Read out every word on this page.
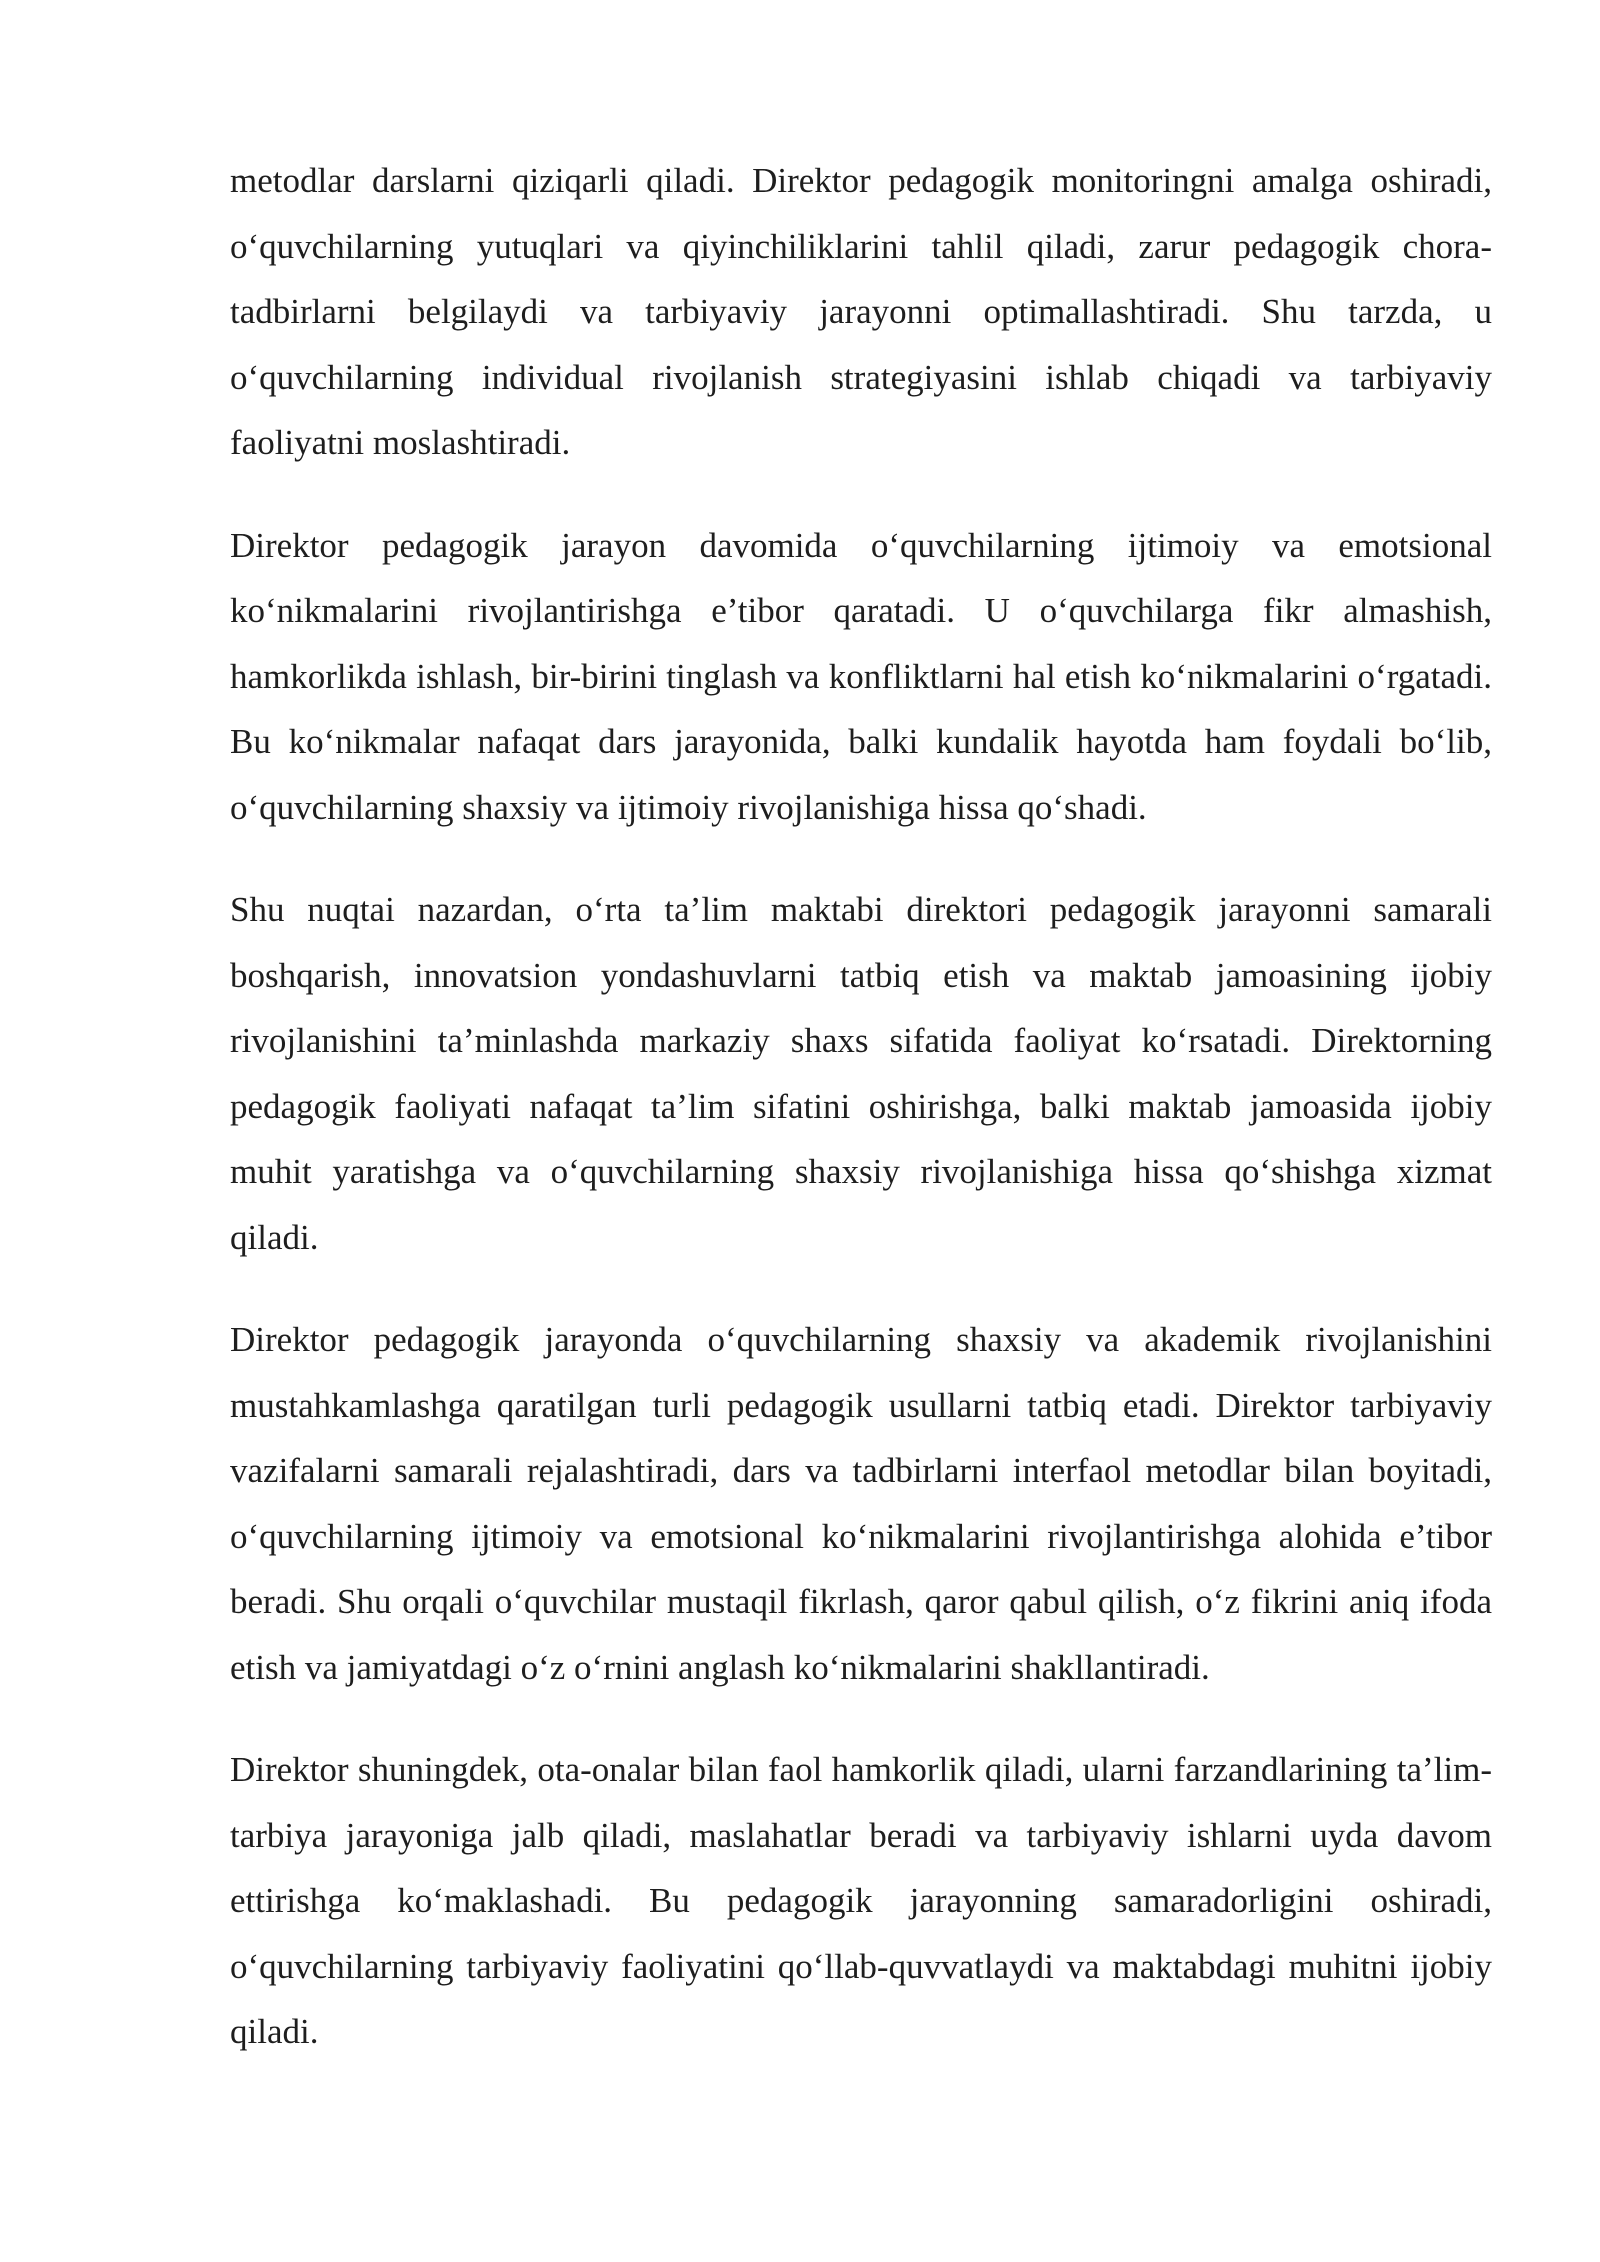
metodlar darslarni qiziqarli qiladi. Direktor pedagogik monitoringni amalga oshiradi, o‘quvchilarning yutuqlari va qiyinchiliklarini tahlil qiladi, zarur pedagogik chora-tadbirlarni belgilaydi va tarbiyaviy jarayonni optimallashtiradi. Shu tarzda, u o‘quvchilarning individual rivojlanish strategiyasini ishlab chiqadi va tarbiyaviy faoliyatni moslashtiradi.

Direktor pedagogik jarayon davomida o‘quvchilarning ijtimoiy va emotsional ko‘nikmalarini rivojlantirishga e’tibor qaratadi. U o‘quvchilarga fikr almashish, hamkorlikda ishlash, bir-birini tinglash va konfliktlarni hal etish ko‘nikmalarini o‘rgatadi. Bu ko‘nikmalar nafaqat dars jarayonida, balki kundalik hayotda ham foydali bo‘lib, o‘quvchilarning shaxsiy va ijtimoiy rivojlanishiga hissa qo‘shadi.

Shu nuqtai nazardan, o‘rta ta’lim maktabi direktori pedagogik jarayonni samarali boshqarish, innovatsion yondashuvlarni tatbiq etish va maktab jamoasining ijobiy rivojlanishini ta’minlashda markaziy shaxs sifatida faoliyat ko‘rsatadi. Direktorning pedagogik faoliyati nafaqat ta’lim sifatini oshirishga, balki maktab jamoasida ijobiy muhit yaratishga va o‘quvchilarning shaxsiy rivojlanishiga hissa qo‘shishga xizmat qiladi.

Direktor pedagogik jarayonda o‘quvchilarning shaxsiy va akademik rivojlanishini mustahkamlashga qaratilgan turli pedagogik usullarni tatbiq etadi. Direktor tarbiyaviy vazifalarni samarali rejalashtiradi, dars va tadbirlarni interfaol metodlar bilan boyitadi, o‘quvchilarning ijtimoiy va emotsional ko‘nikmalarini rivojlantirishga alohida e’tibor beradi. Shu orqali o‘quvchilar mustaqil fikrlash, qaror qabul qilish, o‘z fikrini aniq ifoda etish va jamiyatdagi o‘z o‘rnini anglash ko‘nikmalarini shakllantiradi.

Direktor shuningdek, ota-onalar bilan faol hamkorlik qiladi, ularni farzandlarining ta’lim-tarbiya jarayoniga jalb qiladi, maslahatlar beradi va tarbiyaviy ishlarni uyda davom ettirishga ko‘maklashadi. Bu pedagogik jarayonning samaradorligini oshiradi, o‘quvchilarning tarbiyaviy faoliyatini qo‘llab-quvvatlaydi va maktabdagi muhitni ijobiy qiladi.
